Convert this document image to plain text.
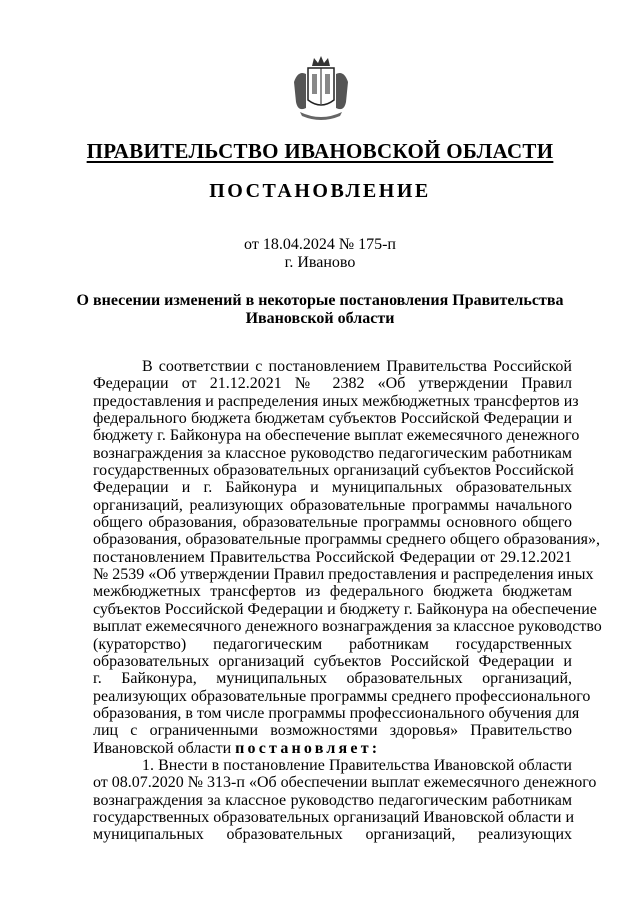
ПРАВИТЕЛЬСТВО ИВАНОВСКОЙ ОБЛАСТИ
ПОСТАНОВЛЕНИЕ
от 18.04.2024 № 175-п
г. Иваново
О внесении изменений в некоторые постановления Правительства
Ивановской области
В соответствии с постановлением Правительства Российской
Федерации от 21.12.2021 № 2382 «Об утверждении Правил
предоставления и распределения иных межбюджетных трансфертов из
федерального бюджета бюджетам субъектов Российской Федерации и
бюджету г. Байконура на обеспечение выплат ежемесячного денежного
вознаграждения за классное руководство педагогическим работникам
государственных образовательных организаций субъектов Российской
Федерации и г. Байконура и муниципальных образовательных
организаций, реализующих образовательные программы начального
общего образования, образовательные программы основного общего
образования, образовательные программы среднего общего образования»,
постановлением Правительства Российской Федерации от 29.12.2021
№ 2539 «Об утверждении Правил предоставления и распределения иных
межбюджетных трансфертов из федерального бюджета бюджетам
субъектов Российской Федерации и бюджету г. Байконура на обеспечение
выплат ежемесячного денежного вознаграждения за классное руководство
(кураторство) педагогическим работникам государственных
образовательных организаций субъектов Российской Федерации и
г. Байконура, муниципальных образовательных организаций,
реализующих образовательные программы среднего профессионального
образования, в том числе программы профессионального обучения для
лиц с ограниченными возможностями здоровья» Правительство
Ивановской области постановляет:
1. Внести в постановление Правительства Ивановской области
от 08.07.2020 № 313-п «Об обеспечении выплат ежемесячного денежного
вознаграждения за классное руководство педагогическим работникам
государственных образовательных организаций Ивановской области и
муниципальных образовательных организаций, реализующих
